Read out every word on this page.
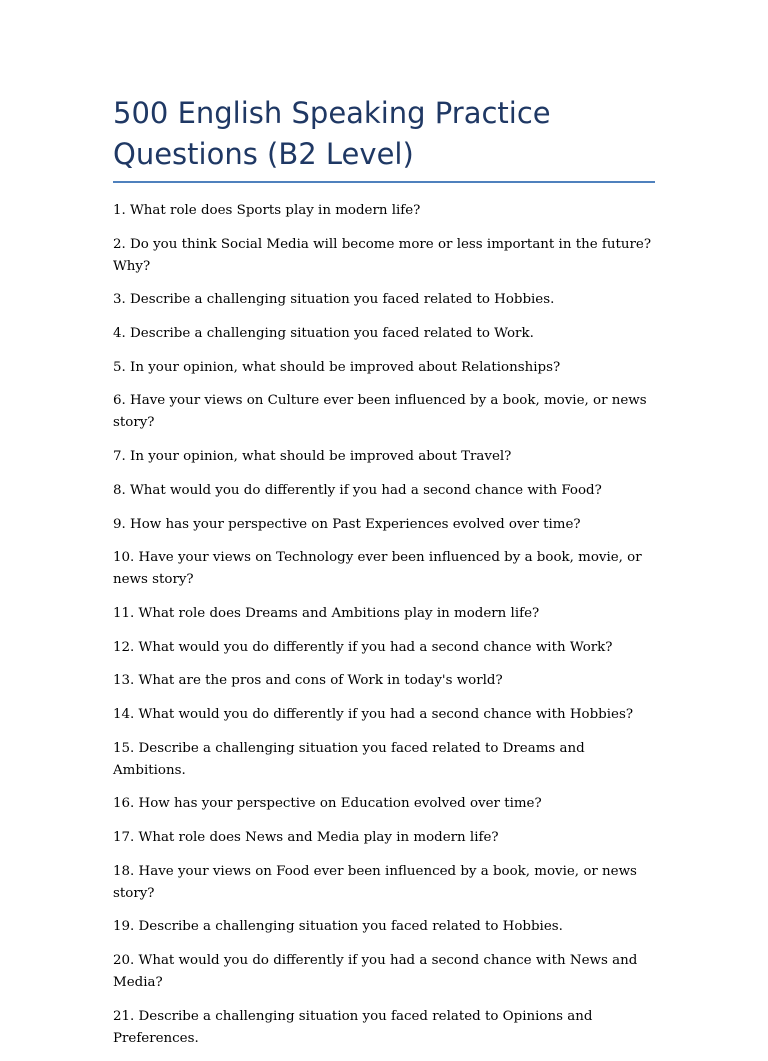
500 English Speaking Practice Questions (B2 Level)
1. What role does Sports play in modern life?
2. Do you think Social Media will become more or less important in the future? Why?
3. Describe a challenging situation you faced related to Hobbies.
4. Describe a challenging situation you faced related to Work.
5. In your opinion, what should be improved about Relationships?
6. Have your views on Culture ever been influenced by a book, movie, or news story?
7. In your opinion, what should be improved about Travel?
8. What would you do differently if you had a second chance with Food?
9. How has your perspective on Past Experiences evolved over time?
10. Have your views on Technology ever been influenced by a book, movie, or news story?
11. What role does Dreams and Ambitions play in modern life?
12. What would you do differently if you had a second chance with Work?
13. What are the pros and cons of Work in today's world?
14. What would you do differently if you had a second chance with Hobbies?
15. Describe a challenging situation you faced related to Dreams and Ambitions.
16. How has your perspective on Education evolved over time?
17. What role does News and Media play in modern life?
18. Have your views on Food ever been influenced by a book, movie, or news story?
19. Describe a challenging situation you faced related to Hobbies.
20. What would you do differently if you had a second chance with News and Media?
21. Describe a challenging situation you faced related to Opinions and Preferences.
